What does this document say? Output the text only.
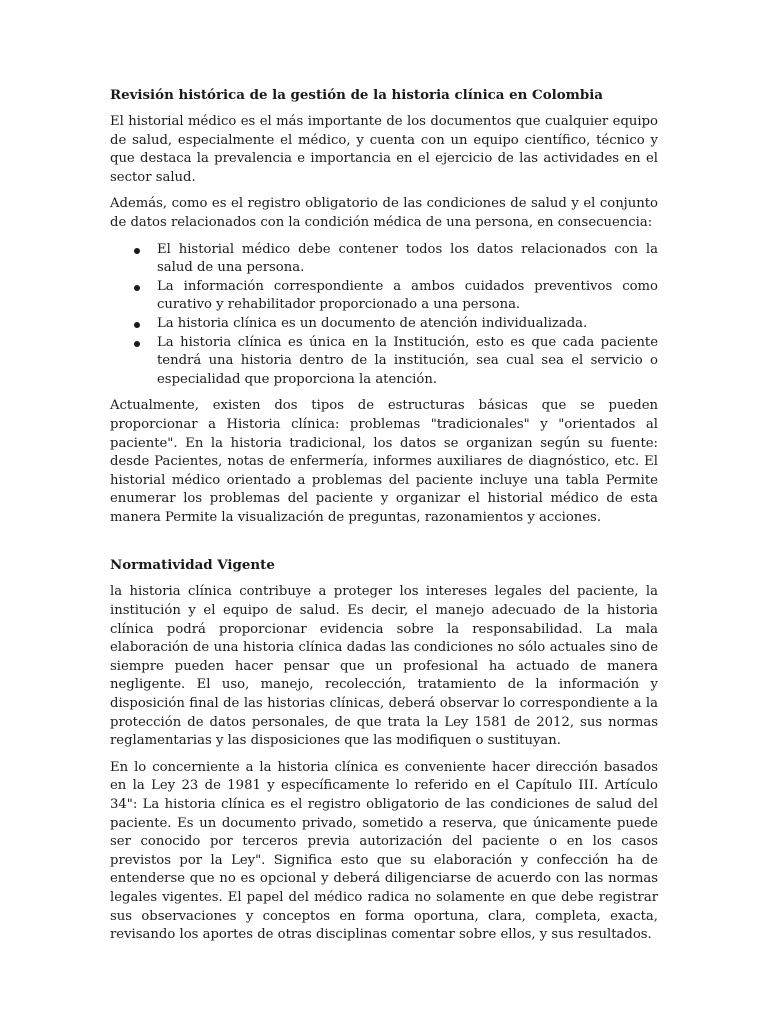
Revisión histórica de la gestión de la historia clínica en Colombia

El historial médico es el más importante de los documentos que cualquier equipo de salud, especialmente el médico, y cuenta con un equipo científico, técnico y que destaca la prevalencia e importancia en el ejercicio de las actividades en el sector salud.

Además, como es el registro obligatorio de las condiciones de salud y el conjunto de datos relacionados con la condición médica de una persona, en consecuencia:

El historial médico debe contener todos los datos relacionados con la salud de una persona.
La información correspondiente a ambos cuidados preventivos como curativo y rehabilitador proporcionado a una persona.
La historia clínica es un documento de atención individualizada.
La historia clínica es única en la Institución, esto es que cada paciente tendrá una historia dentro de la institución, sea cual sea el servicio o especialidad que proporciona la atención.

Actualmente, existen dos tipos de estructuras básicas que se pueden proporcionar a Historia clínica: problemas "tradicionales" y "orientados al paciente". En la historia tradicional, los datos se organizan según su fuente: desde Pacientes, notas de enfermería, informes auxiliares de diagnóstico, etc. El historial médico orientado a problemas del paciente incluye una tabla Permite enumerar los problemas del paciente y organizar el historial médico de esta manera Permite la visualización de preguntas, razonamientos y acciones.

Normatividad Vigente

la historia clínica contribuye a proteger los intereses legales del paciente, la institución y el equipo de salud. Es decir, el manejo adecuado de la historia clínica podrá proporcionar evidencia sobre la responsabilidad. La mala elaboración de una historia clínica dadas las condiciones no sólo actuales sino de siempre pueden hacer pensar que un profesional ha actuado de manera negligente. El uso, manejo, recolección, tratamiento de la información y disposición final de las historias clínicas, deberá observar lo correspondiente a la protección de datos personales, de que trata la Ley 1581 de 2012, sus normas reglamentarias y las disposiciones que las modifiquen o sustituyan.

En lo concerniente a la historia clínica es conveniente hacer dirección basados en la Ley 23 de 1981 y específicamente lo referido en el Capítulo III. Artículo 34": La historia clínica es el registro obligatorio de las condiciones de salud del paciente. Es un documento privado, sometido a reserva, que únicamente puede ser conocido por terceros previa autorización del paciente o en los casos previstos por la Ley". Significa esto que su elaboración y confección ha de entenderse que no es opcional y deberá diligenciarse de acuerdo con las normas legales vigentes. El papel del médico radica no solamente en que debe registrar sus observaciones y conceptos en forma oportuna, clara, completa, exacta, revisando los aportes de otras disciplinas comentar sobre ellos, y sus resultados.
